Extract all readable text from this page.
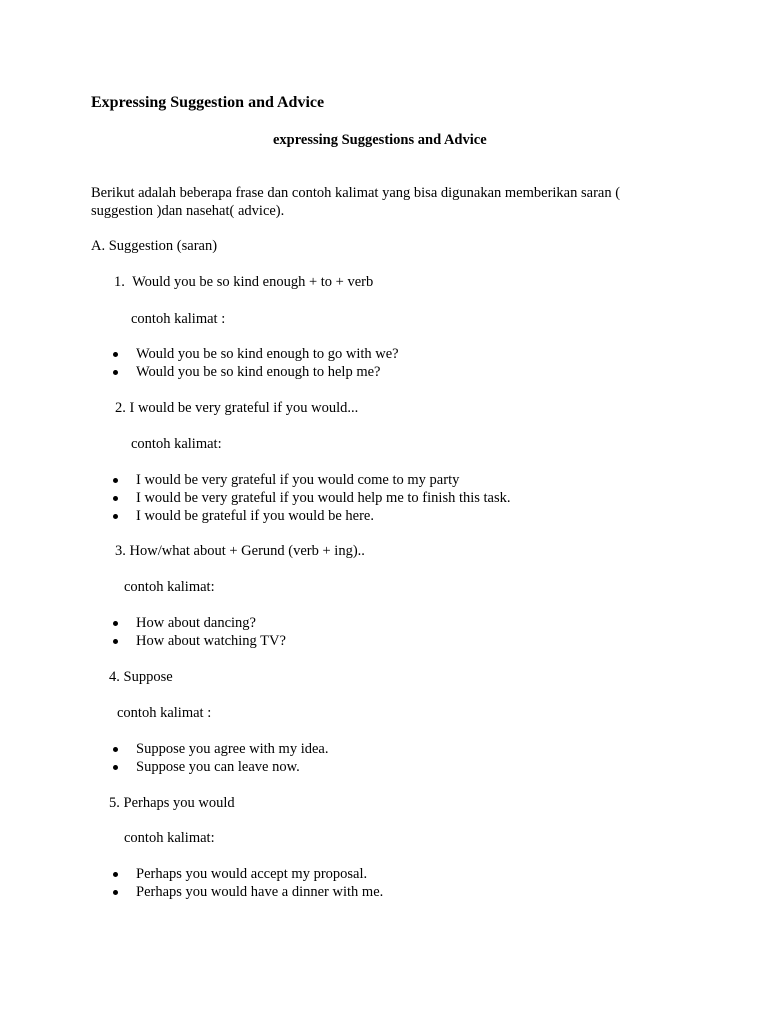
Expressing Suggestion and Advice
expressing Suggestions and Advice
Berikut adalah beberapa frase dan contoh kalimat yang bisa digunakan memberikan saran (
suggestion )dan nasehat( advice).
A. Suggestion (saran)
1.  Would you be so kind enough + to + verb
contoh kalimat :
Would you be so kind enough to go with we?
Would you be so kind enough to help me?
2. I would be very grateful if you would...
contoh kalimat:
I would be very grateful if you would come to my party
I would be very grateful if you would help me to finish this task.
I would be grateful if you would be here.
3. How/what about + Gerund (verb + ing)..
contoh kalimat:
How about dancing?
How about watching TV?
4. Suppose
contoh kalimat :
Suppose you agree with my idea.
Suppose you can leave now.
5. Perhaps you would
contoh kalimat:
Perhaps you would accept my proposal.
Perhaps you would have a dinner with me.
